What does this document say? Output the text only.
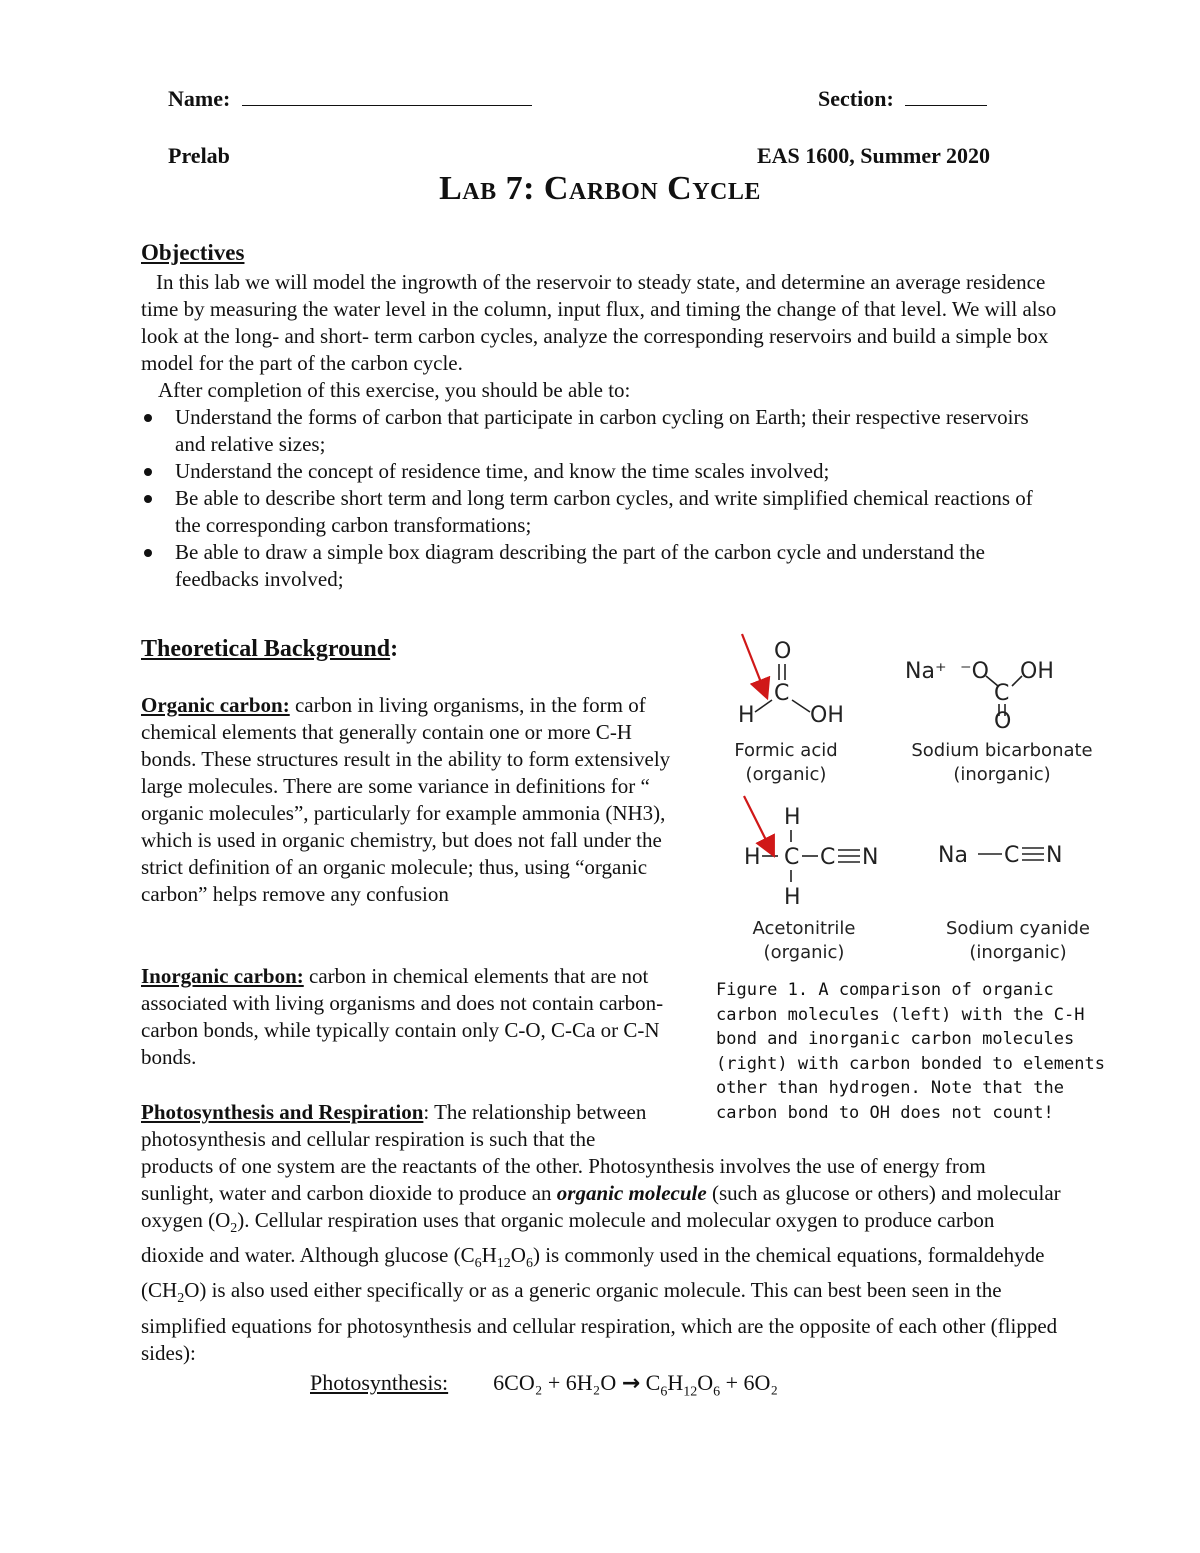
Name:	Section:
Prelab	EAS 1600, Summer 2020
Lab 7: Carbon Cycle
Objectives
In this lab we will model the ingrowth of the reservoir to steady state, and determine an average residence time by measuring the water level in the column, input flux, and timing the change of that level. We will also look at the long- and short- term carbon cycles, analyze the corresponding reservoirs and build a simple box model for the part of the carbon cycle.
After completion of this exercise, you should be able to:
Understand the forms of carbon that participate in carbon cycling on Earth; their respective reservoirs and relative sizes;
Understand the concept of residence time, and know the time scales involved;
Be able to describe short term and long term carbon cycles, and write simplified chemical reactions of the corresponding carbon transformations;
Be able to draw a simple box diagram describing the part of the carbon cycle and understand the feedbacks involved;
Theoretical Background:
Organic carbon: carbon in living organisms, in the form of chemical elements that generally contain one or more C-H bonds. These structures result in the ability to form extensively large molecules. There are some variance in definitions for “ organic molecules”, particularly for example ammonia (NH3), which is used in organic chemistry, but does not fall under the strict definition of an organic molecule; thus, using “organic carbon” helps remove any confusion
Inorganic carbon: carbon in chemical elements that are not associated with living organisms and does not contain carbon-carbon bonds, while typically contain only C-O, C-Ca or C-N bonds.
Photosynthesis and Respiration: The relationship between photosynthesis and cellular respiration is such that the products of one system are the reactants of the other. Photosynthesis involves the use of energy from sunlight, water and carbon dioxide to produce an organic molecule (such as glucose or others) and molecular oxygen $(O_2)$. Cellular respiration uses that organic molecule and molecular oxygen to produce carbon dioxide and water. Although glucose $(C_6H_{12}O_6)$ is commonly used in the chemical equations, formaldehyde $(CH_2O)$ is also used either specifically or as a generic organic molecule. This can best been seen in the simplified equations for photosynthesis and cellular respiration, which are the opposite of each other (flipped sides):
Photosynthesis: $6CO_2 + 6H_2O \to C_6H_{12}O_6 + 6O_2$
O
C
H	OH
Formic acid
(organic)
Na⁺ ⁻O
C
OH
O
Sodium bicarbonate
(inorganic)
H
H C C N
H
Acetonitrile
(organic)
Na C N
Sodium cyanide
(inorganic)
Figure 1. A comparison of organic carbon molecules (left) with the C-H bond and inorganic carbon molecules (right) with carbon bonded to elements other than hydrogen. Note that the carbon bond to OH does not count!
